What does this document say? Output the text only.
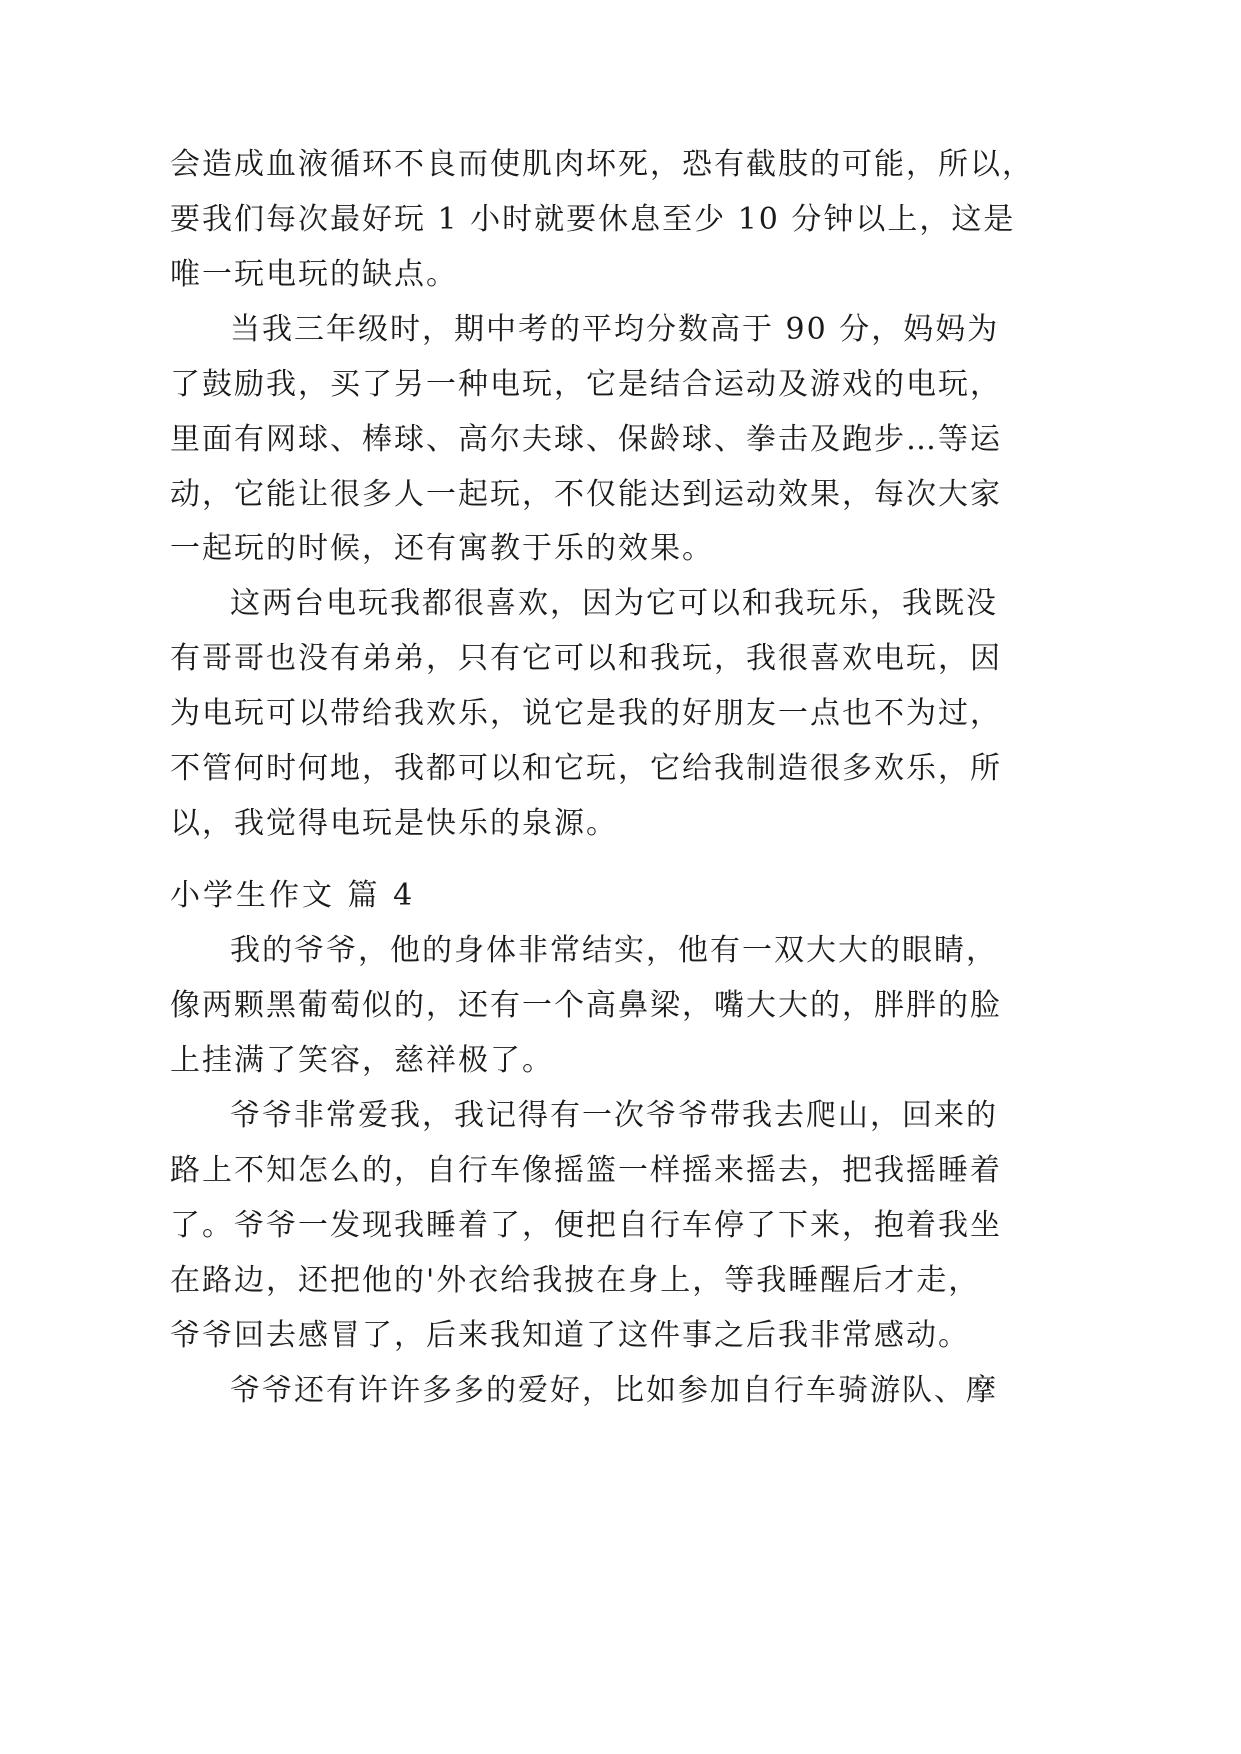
会造成血液循环不良而使肌肉坏死，恐有截肢的可能，所以，
要我们每次最好玩 1 小时就要休息至少 10 分钟以上，这是
唯一玩电玩的缺点。
当我三年级时，期中考的平均分数高于 90 分，妈妈为
了鼓励我，买了另一种电玩，它是结合运动及游戏的电玩，
里面有网球、棒球、高尔夫球、保龄球、拳击及跑步…等运
动，它能让很多人一起玩，不仅能达到运动效果，每次大家
一起玩的时候，还有寓教于乐的效果。
这两台电玩我都很喜欢，因为它可以和我玩乐，我既没
有哥哥也没有弟弟，只有它可以和我玩，我很喜欢电玩，因
为电玩可以带给我欢乐，说它是我的好朋友一点也不为过，
不管何时何地，我都可以和它玩，它给我制造很多欢乐，所
以，我觉得电玩是快乐的泉源。
小学生作文 篇 4
我的爷爷，他的身体非常结实，他有一双大大的眼睛，
像两颗黑葡萄似的，还有一个高鼻梁，嘴大大的，胖胖的脸
上挂满了笑容，慈祥极了。
爷爷非常爱我，我记得有一次爷爷带我去爬山，回来的
路上不知怎么的，自行车像摇篮一样摇来摇去，把我摇睡着
了。爷爷一发现我睡着了，便把自行车停了下来，抱着我坐
在路边，还把他的'外衣给我披在身上，等我睡醒后才走，
爷爷回去感冒了，后来我知道了这件事之后我非常感动。
爷爷还有许许多多的爱好，比如参加自行车骑游队、摩
